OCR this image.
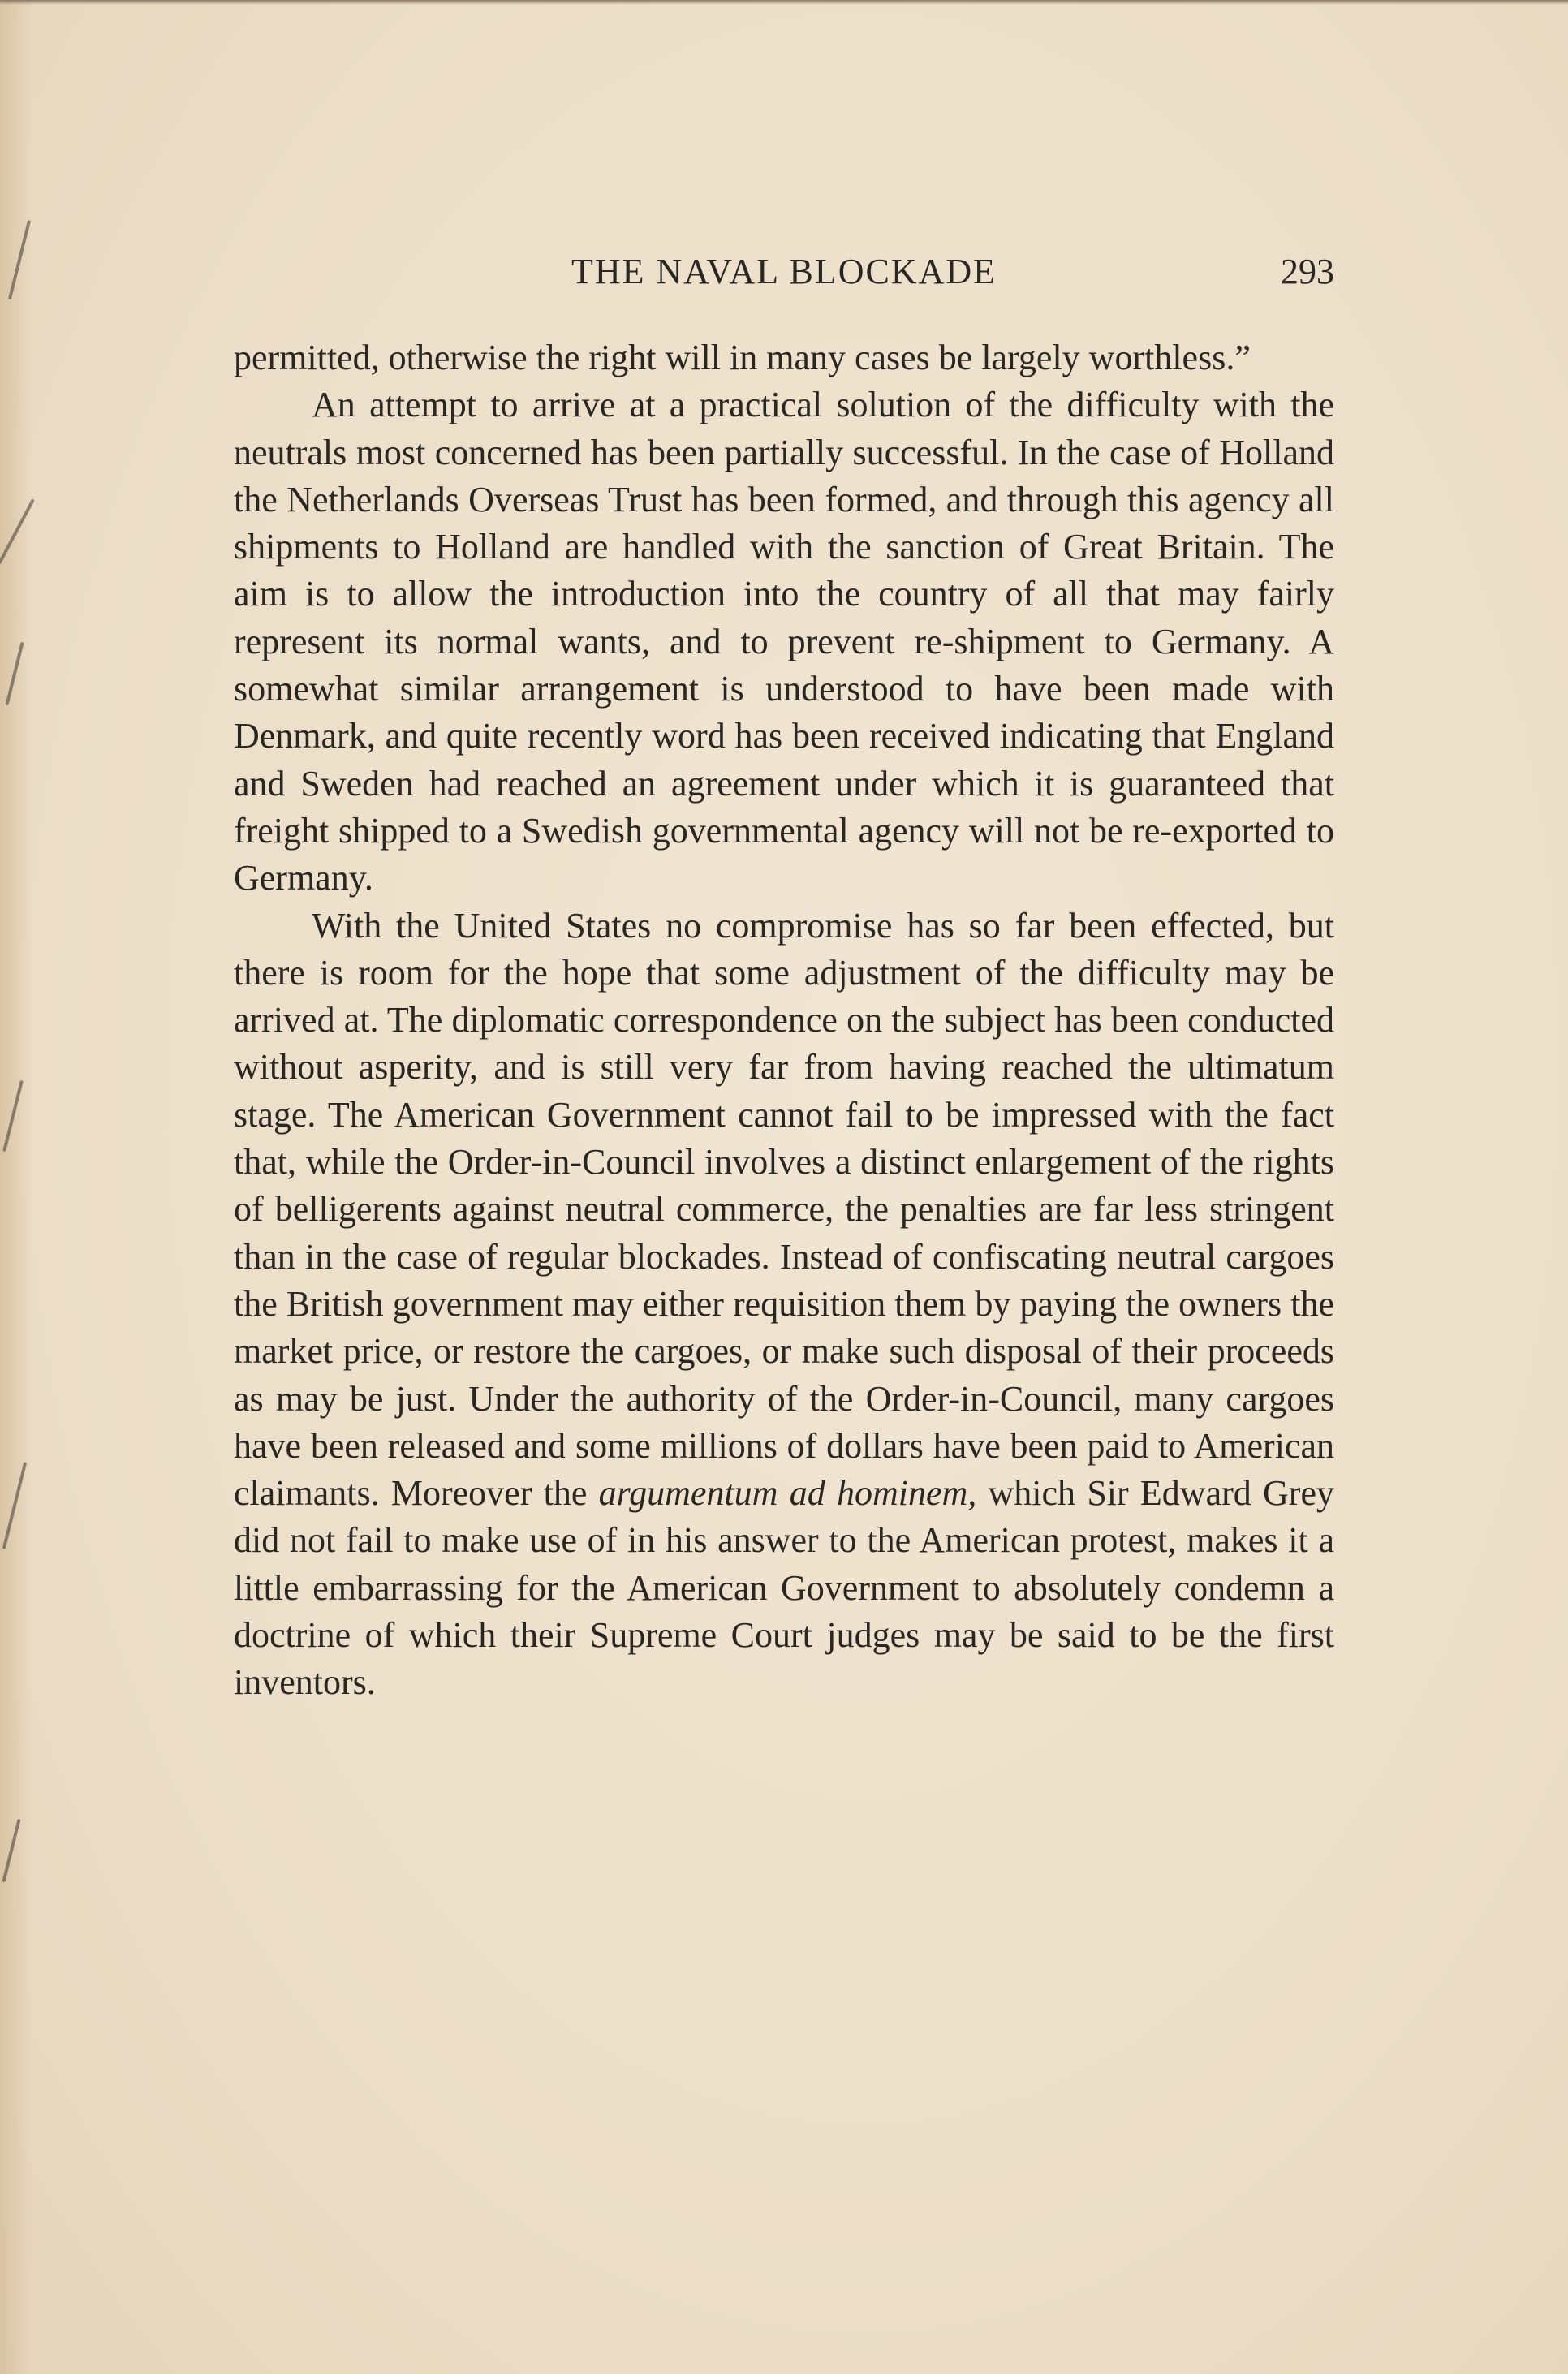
THE NAVAL BLOCKADE	293

permitted, otherwise the right will in many cases be largely worthless.”

An attempt to arrive at a practical solution of the difficulty with the neutrals most concerned has been partially successful. In the case of Holland the Netherlands Overseas Trust has been formed, and through this agency all shipments to Holland are handled with the sanction of Great Britain. The aim is to allow the introduction into the country of all that may fairly represent its normal wants, and to prevent re-shipment to Germany. A somewhat similar arrangement is understood to have been made with Denmark, and quite recently word has been received indicating that England and Sweden had reached an agreement under which it is guaranteed that freight shipped to a Swedish governmental agency will not be re-exported to Germany.

With the United States no compromise has so far been effected, but there is room for the hope that some adjustment of the difficulty may be arrived at. The diplomatic correspondence on the subject has been conducted without asperity, and is still very far from having reached the ultimatum stage. The American Government cannot fail to be impressed with the fact that, while the Order-in-Council involves a distinct enlargement of the rights of belligerents against neutral commerce, the penalties are far less stringent than in the case of regular blockades. Instead of confiscating neutral cargoes the British government may either requisition them by paying the owners the market price, or restore the cargoes, or make such disposal of their proceeds as may be just. Under the authority of the Order-in-Council, many cargoes have been released and some millions of dollars have been paid to American claimants. Moreover the argumentum ad hominem, which Sir Edward Grey did not fail to make use of in his answer to the American protest, makes it a little embarrassing for the American Government to absolutely condemn a doctrine of which their Supreme Court judges may be said to be the first inventors.
